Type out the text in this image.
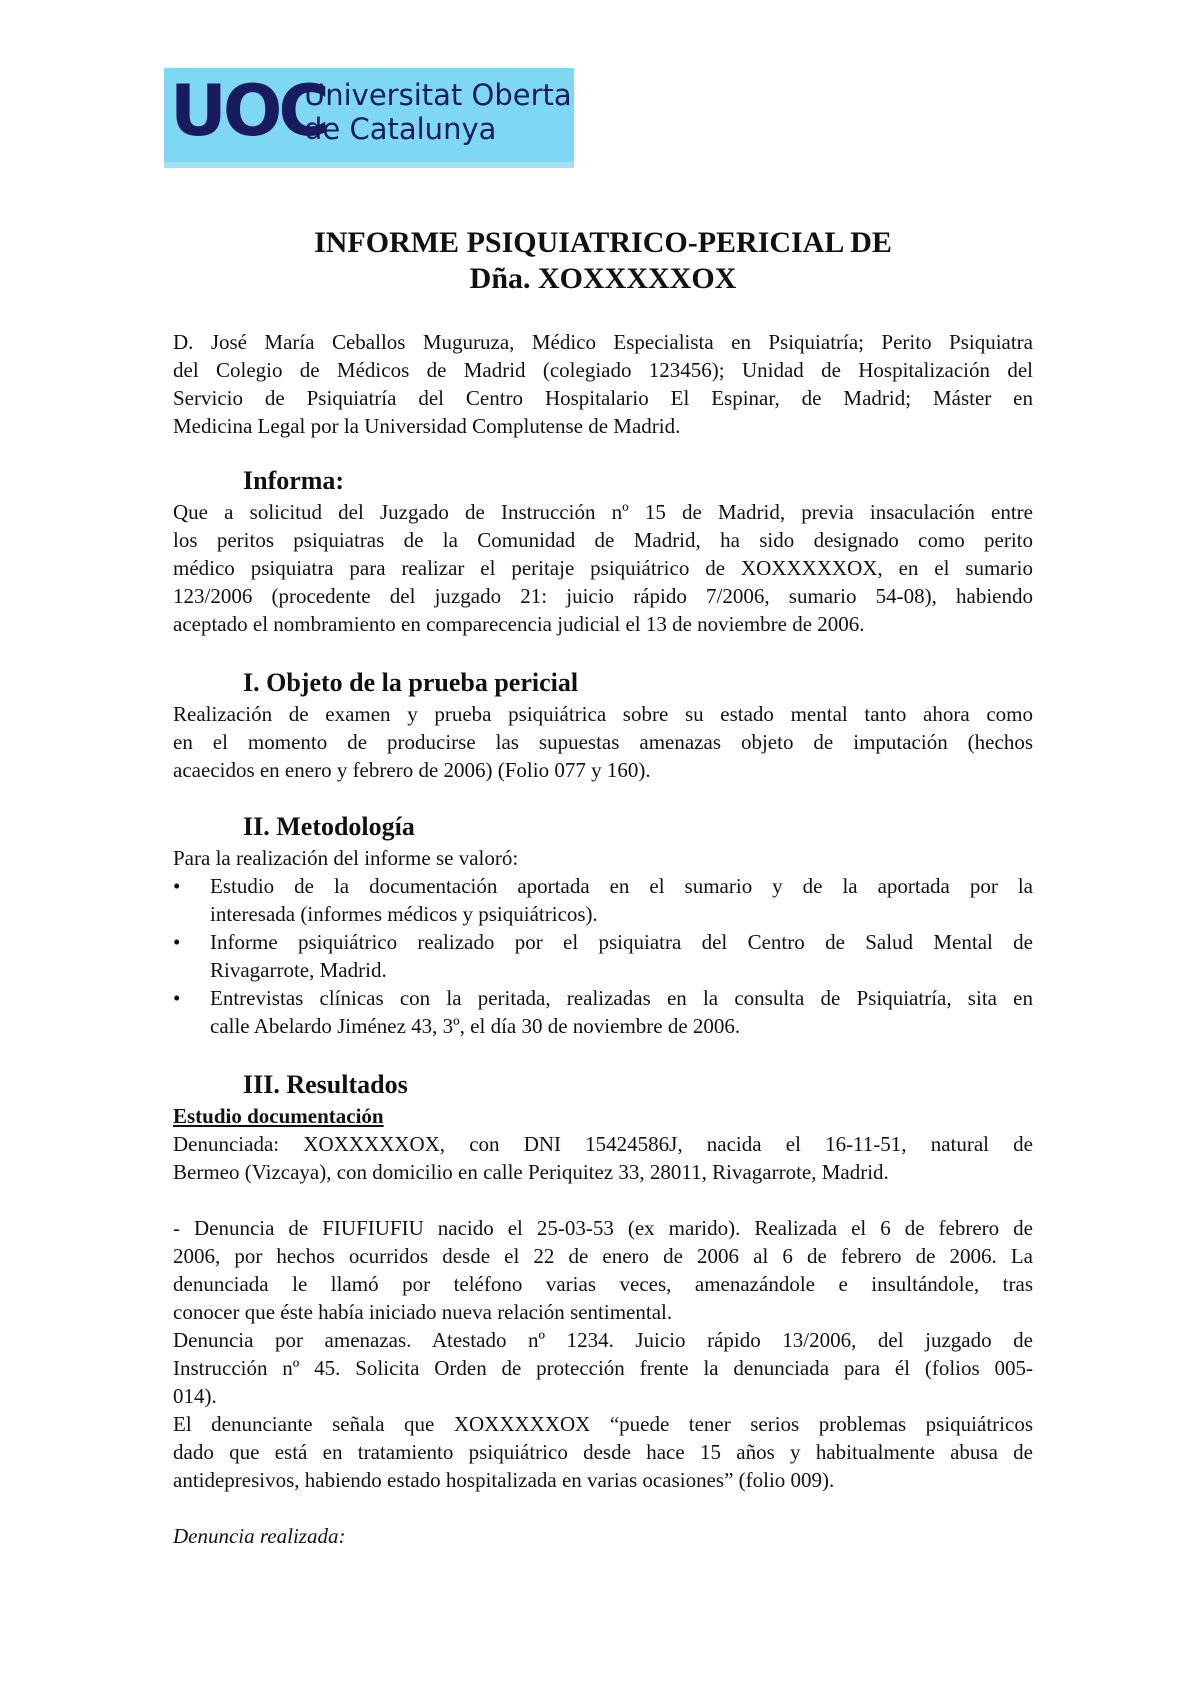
UOC
Universitat Oberta
de Catalunya
INFORME PSIQUIATRICO-PERICIAL DE
Dña. XOXXXXXOX
D. José María Ceballos Muguruza, Médico Especialista en Psiquiatría; Perito Psiquiatra
del Colegio de Médicos de Madrid (colegiado 123456); Unidad de Hospitalización del
Servicio de Psiquiatría del Centro Hospitalario El Espinar, de Madrid; Máster en
Medicina Legal por la Universidad Complutense de Madrid.
Informa:
Que a solicitud del Juzgado de Instrucción nº 15 de Madrid, previa insaculación entre
los peritos psiquiatras de la Comunidad de Madrid, ha sido designado como perito
médico psiquiatra para realizar el peritaje psiquiátrico de XOXXXXXOX, en el sumario
123/2006 (procedente del juzgado 21: juicio rápido 7/2006, sumario 54-08), habiendo
aceptado el nombramiento en comparecencia judicial el 13 de noviembre de 2006.
I. Objeto de la prueba pericial
Realización de examen y prueba psiquiátrica sobre su estado mental tanto ahora como
en el momento de producirse las supuestas amenazas objeto de imputación (hechos
acaecidos en enero y febrero de 2006) (Folio 077 y 160).
II. Metodología
Para la realización del informe se valoró:
• Estudio de la documentación aportada en el sumario y de la aportada por la
interesada (informes médicos y psiquiátricos).
• Informe psiquiátrico realizado por el psiquiatra del Centro de Salud Mental de
Rivagarrote, Madrid.
• Entrevistas clínicas con la peritada, realizadas en la consulta de Psiquiatría, sita en
calle Abelardo Jiménez 43, 3º, el día 30 de noviembre de 2006.
III. Resultados
Estudio documentación
Denunciada: XOXXXXXOX, con DNI 15424586J, nacida el 16-11-51, natural de
Bermeo (Vizcaya), con domicilio en calle Periquitez 33, 28011, Rivagarrote, Madrid.
- Denuncia de FIUFIUFIU nacido el 25-03-53 (ex marido). Realizada el 6 de febrero de
2006, por hechos ocurridos desde el 22 de enero de 2006 al 6 de febrero de 2006. La
denunciada le llamó por teléfono varias veces, amenazándole e insultándole, tras
conocer que éste había iniciado nueva relación sentimental.
Denuncia por amenazas. Atestado nº 1234. Juicio rápido 13/2006, del juzgado de
Instrucción nº 45. Solicita Orden de protección frente la denunciada para él (folios 005-
014).
El denunciante señala que XOXXXXXOX “puede tener serios problemas psiquiátricos
dado que está en tratamiento psiquiátrico desde hace 15 años y habitualmente abusa de
antidepresivos, habiendo estado hospitalizada en varias ocasiones” (folio 009).
Denuncia realizada:
